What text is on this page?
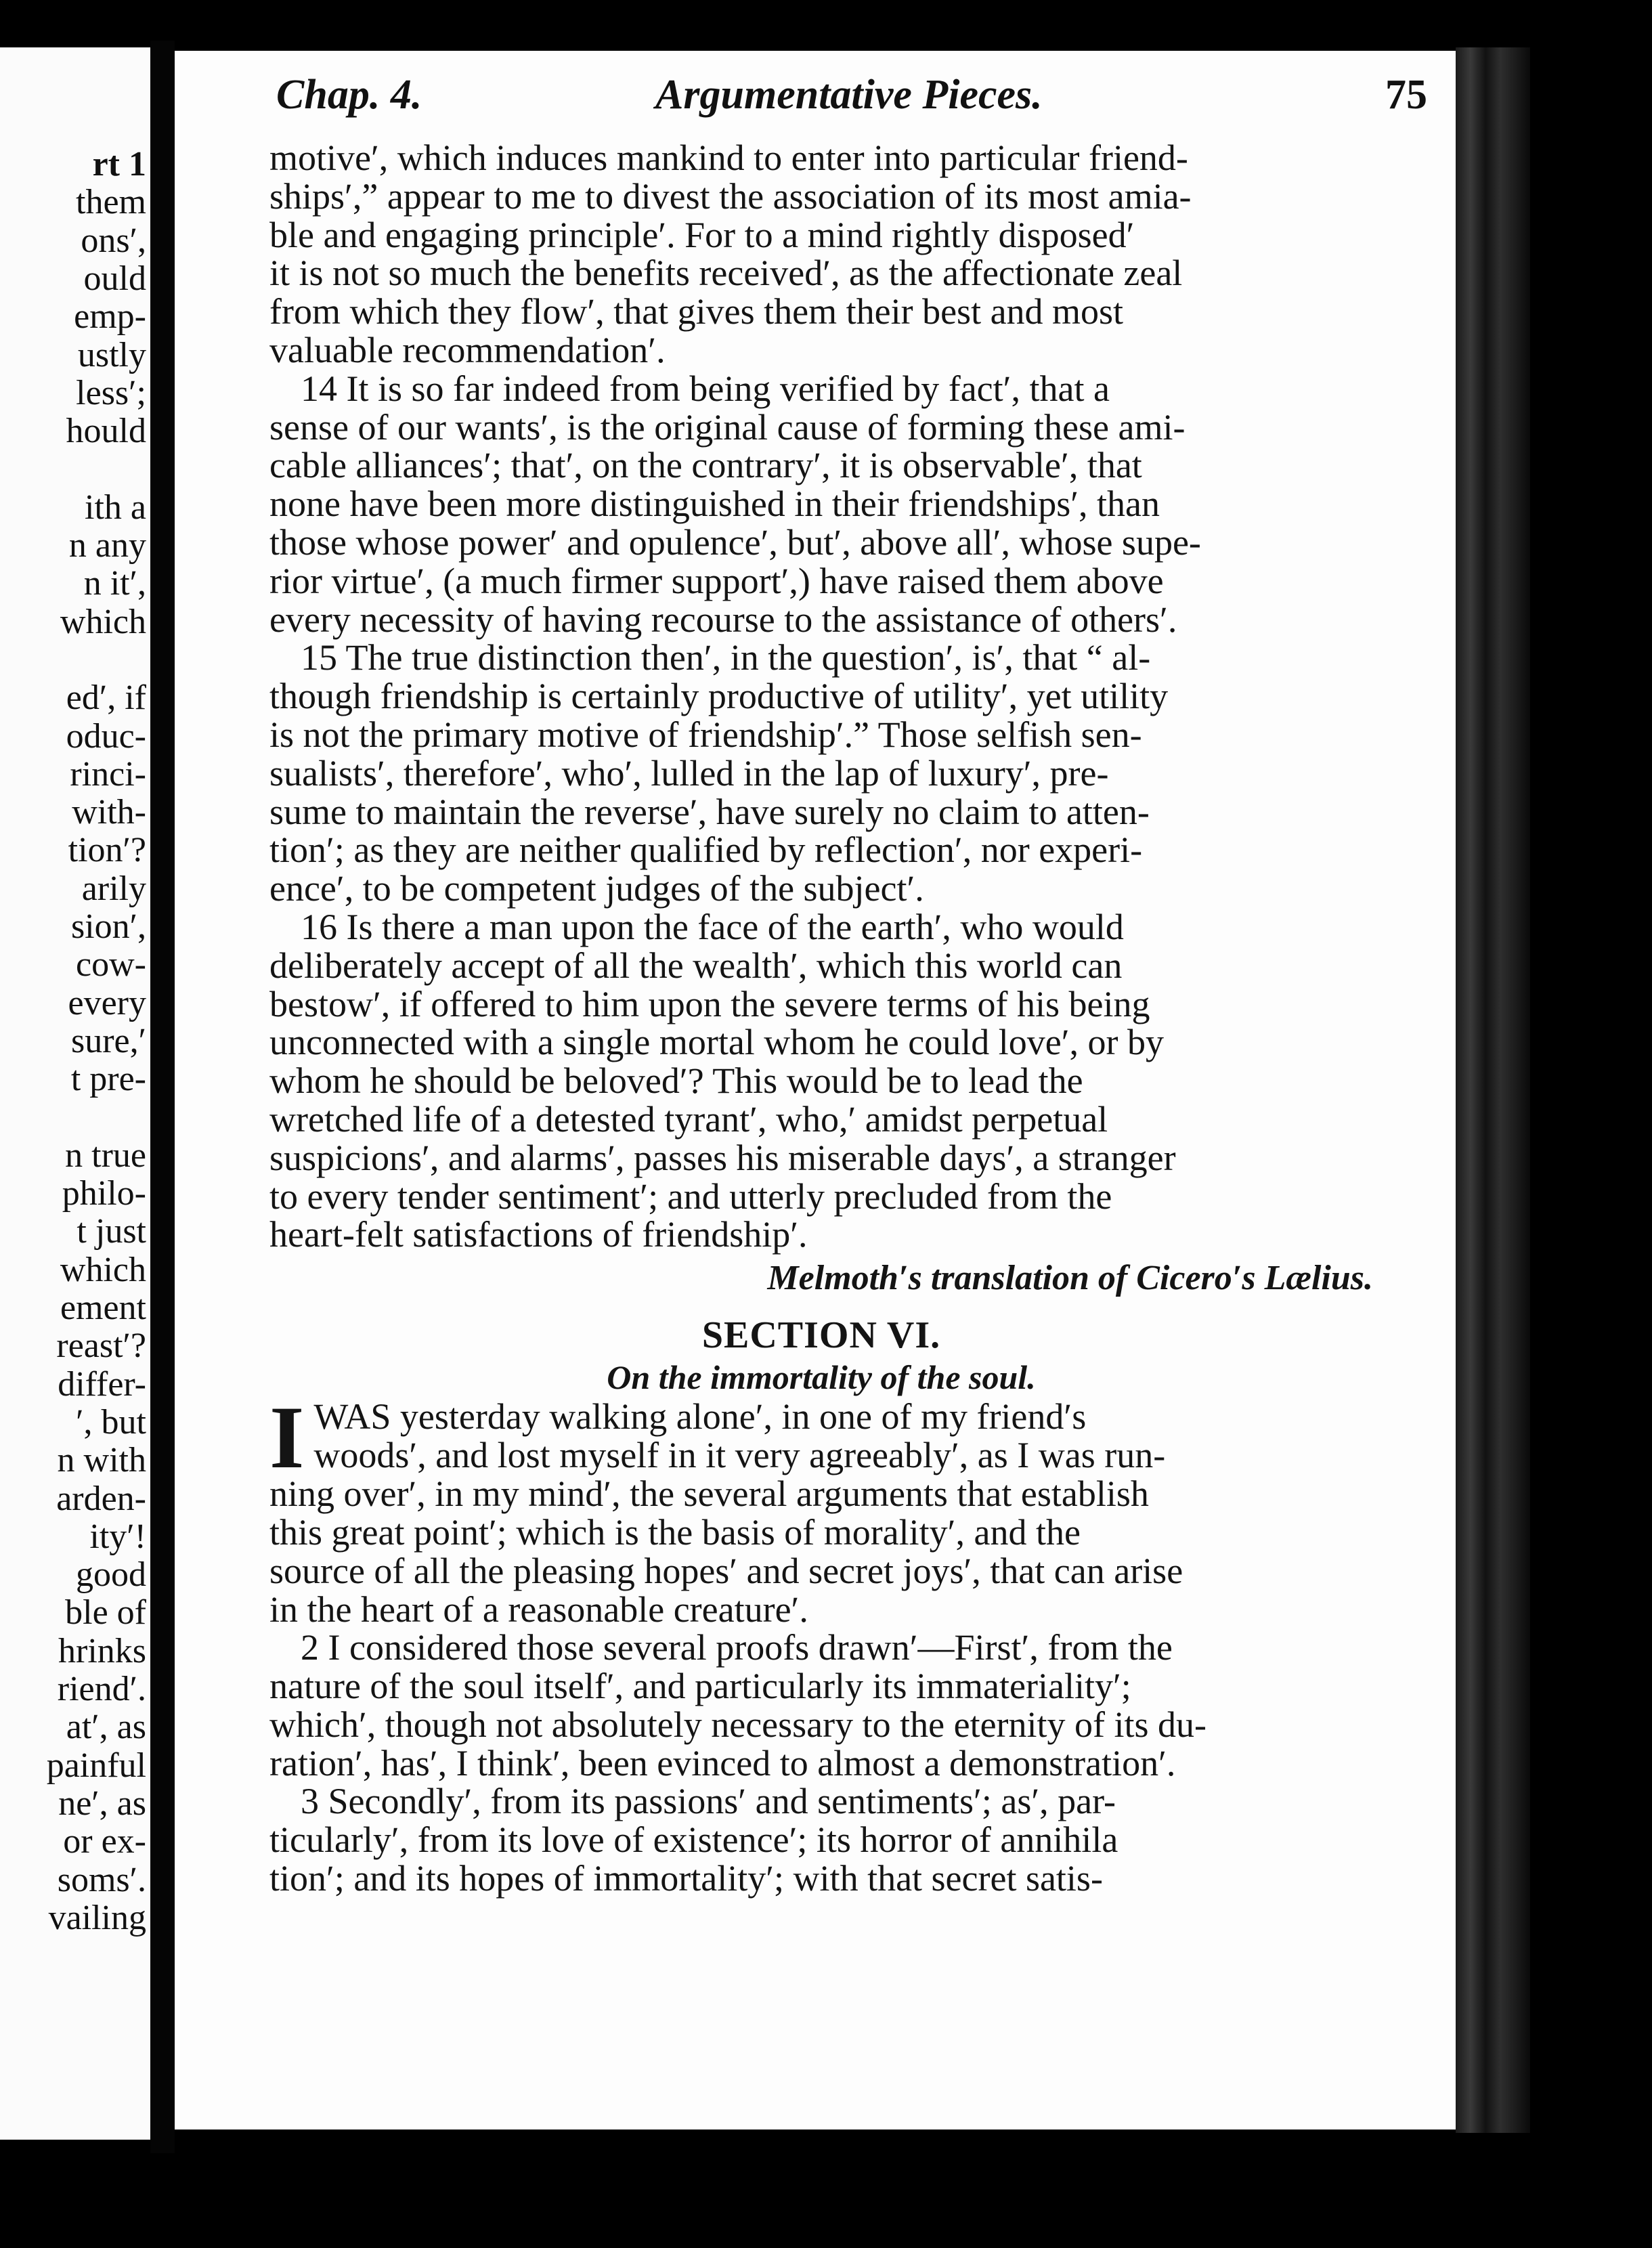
rt 1
them
ons′,
ould
emp-
ustly
less′;
hould
ith a
n any
n it′,
which
ed′, if
oduc-
rinci-
with-
tion′?
arily
sion′,
cow-
every
sure,′
t pre-
n true
philo-
t just
which
ement
reast′?
differ-
′, but
n with
arden-
ity′!
good
ble of
hrinks
riend′.
at′, as
painful
ne′, as
or ex-
soms′.
vailing
Chap. 4.	Argumentative Pieces.	75
motive′, which induces mankind to enter into particular friend-
ships′,” appear to me to divest the association of its most amia-
ble and engaging principle′. For to a mind rightly disposed′
it is not so much the benefits received′, as the affectionate zeal
from which they flow′, that gives them their best and most
valuable recommendation′.
14 It is so far indeed from being verified by fact′, that a
sense of our wants′, is the original cause of forming these ami-
cable alliances′; that′, on the contrary′, it is observable′, that
none have been more distinguished in their friendships′, than
those whose power′ and opulence′, but′, above all′, whose supe-
rior virtue′, (a much firmer support′,) have raised them above
every necessity of having recourse to the assistance of others′.
15 The true distinction then′, in the question′, is′, that “ al-
though friendship is certainly productive of utility′, yet utility
is not the primary motive of friendship′.” Those selfish sen-
sualists′, therefore′, who′, lulled in the lap of luxury′, pre-
sume to maintain the reverse′, have surely no claim to atten-
tion′; as they are neither qualified by reflection′, nor experi-
ence′, to be competent judges of the subject′.
16 Is there a man upon the face of the earth′, who would
deliberately accept of all the wealth′, which this world can
bestow′, if offered to him upon the severe terms of his being
unconnected with a single mortal whom he could love′, or by
whom he should be beloved′? This would be to lead the
wretched life of a detested tyrant′, who,′ amidst perpetual
suspicions′, and alarms′, passes his miserable days′, a stranger
to every tender sentiment′; and utterly precluded from the
heart-felt satisfactions of friendship′.
Melmoth′s translation of Cicero′s Lælius.
SECTION VI.
On the immortality of the soul.
I WAS yesterday walking alone′, in one of my friend′s
woods′, and lost myself in it very agreeably′, as I was run-
ning over′, in my mind′, the several arguments that establish
this great point′; which is the basis of morality′, and the
source of all the pleasing hopes′ and secret joys′, that can arise
in the heart of a reasonable creature′.
2 I considered those several proofs drawn′—First′, from the
nature of the soul itself′, and particularly its immateriality′;
which′, though not absolutely necessary to the eternity of its du-
ration′, has′, I think′, been evinced to almost a demonstration′.
3 Secondly′, from its passions′ and sentiments′; as′, par-
ticularly′, from its love of existence′; its horror of annihila
tion′; and its hopes of immortality′; with that secret satis-
